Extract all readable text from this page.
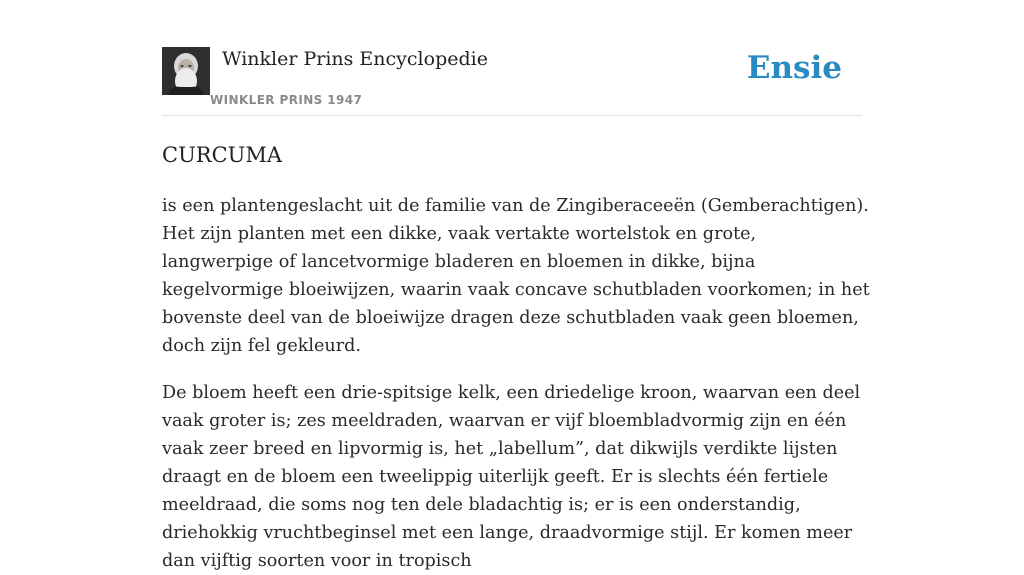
Winkler Prins Encyclopedie
WINKLER PRINS 1947
Ensie
CURCUMA

is een plantengeslacht uit de familie van de Zingiberaceeën (Gemberachtigen). Het zijn planten met een dikke, vaak vertakte wortelstok en grote, langwerpige of lancetvormige bladeren en bloemen in dikke, bijna kegelvormige bloeiwijzen, waarin vaak concave schutbladen voorkomen; in het bovenste deel van de bloeiwijze dragen deze schutbladen vaak geen bloemen, doch zijn fel gekleurd.

De bloem heeft een drie-spitsige kelk, een driedelige kroon, waarvan een deel vaak groter is; zes meeldraden, waarvan er vijf bloembladvormig zijn en één vaak zeer breed en lipvormig is, het „labellum”, dat dikwijls verdikte lijsten draagt en de bloem een tweelippig uiterlijk geeft. Er is slechts één fertiele meeldraad, die soms nog ten dele bladachtig is; er is een onderstandig, driehokkig vruchtbeginsel met een lange, draadvormige stijl. Er komen meer dan vijftig soorten voor in tropisch
